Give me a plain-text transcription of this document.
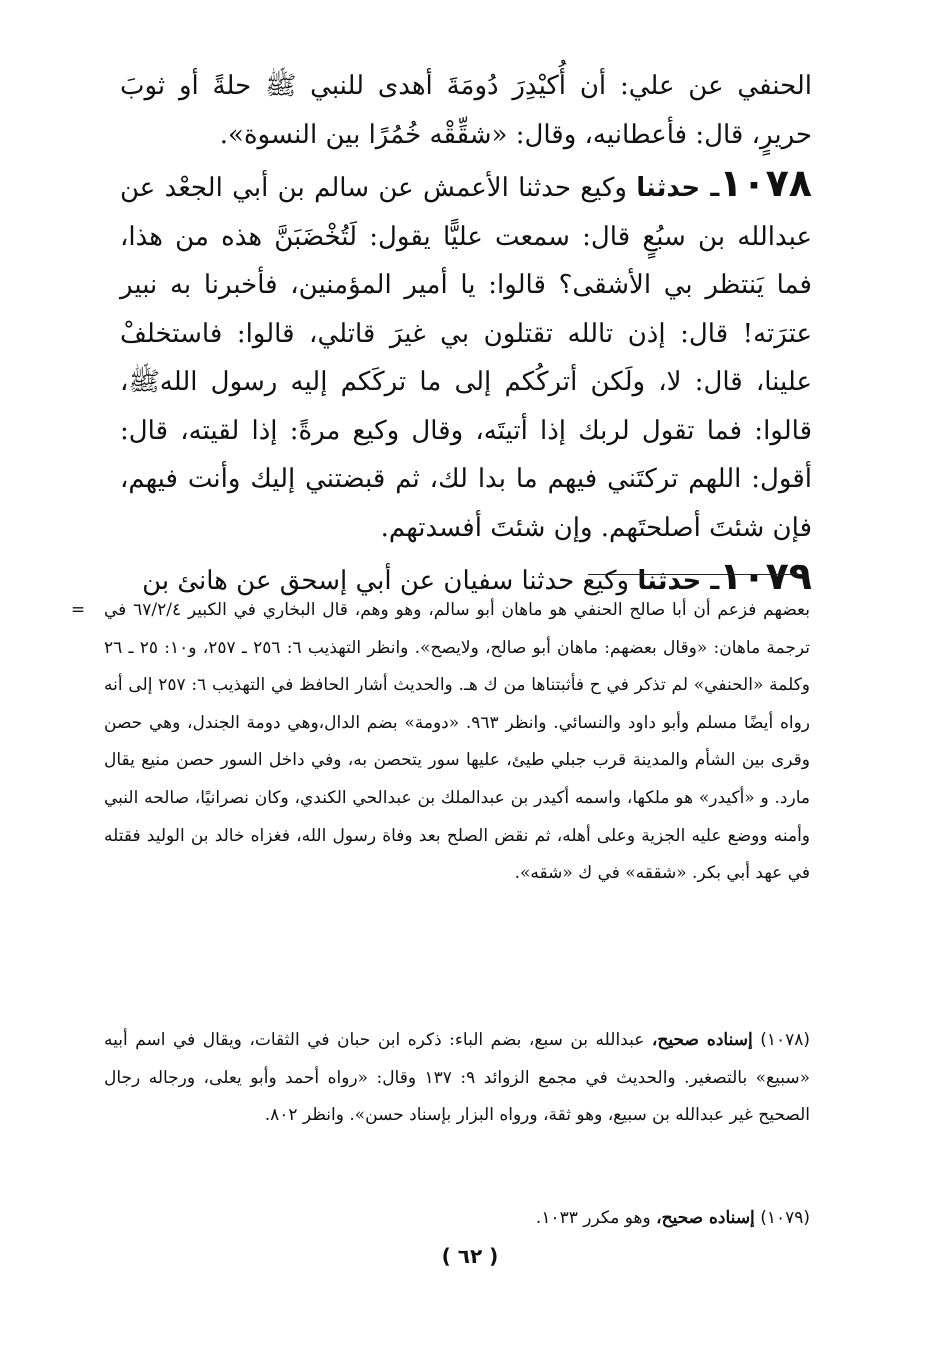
الحنفي عن علي: أن أُكيْدِرَ دُومَةَ أهدى للنبي ﷺ حلةً أو ثوبَ حريرٍ، قال: فأعطانيه، وقال: «شقِّقْه خُمُرًا بين النسوة».

١٠٧٨ـ حدثنا وكيع حدثنا الأعمش عن سالم بن أبي الجعْد عن عبدالله بن سبُعٍ قال: سمعت عليًّا يقول: لَتُخْضَبَنَّ هذه من هذا، فما يَنتظر بي الأشقى؟ قالوا: يا أمير المؤمنين، فأخبرنا به نبير عترَته! قال: إذن تالله تقتلون بي غيرَ قاتلي، قالوا: فاستخلفْ علينا، قال: لا، ولَكن أتركُكم إلى ما تركَكم إليه رسول اللهﷺ، قالوا: فما تقول لربك إذا أتيتَه، وقال وكيع مرةً: إذا لقيته، قال: أقول: اللهم تركتَني فيهم ما بدا لك، ثم قبضتني إليك وأنت فيهم، فإن شئتَ أصلحتَهم. وإن شئتَ أفسدتهم.

١٠٧٩ـ حدثنا وكيع حدثنا سفيان عن أبي إسحق عن هانئ بن

= بعضهم فزعم أن أبا صالح الحنفي هو ماهان أبو سالم، وهو وهم، قال البخاري في الكبير ٦٧/٢/٤ في ترجمة ماهان: «وقال بعضهم: ماهان أبو صالح، ولايصح». وانظر التهذيب ٦: ٢٥٦ ـ ٢٥٧، و١٠: ٢٥ ـ ٢٦ وكلمة «الحنفي» لم تذكر في ح فأثبتناها من ك هـ. والحديث أشار الحافظ في التهذيب ٦: ٢٥٧ إلى أنه رواه أيضًا مسلم وأبو داود والنسائي. وانظر ٩٦٣. «دومة» بضم الدال،وهي دومة الجندل، وهي حصن وقرى بين الشأم والمدينة قرب جبلي طيئ، عليها سور يتحصن به، وفي داخل السور حصن منيع يقال مارد. و «أكيدر» هو ملكها، واسمه أكيدر بن عبدالملك بن عبدالحي الكندي، وكان نصرانيًا، صالحه النبي وأمنه ووضع عليه الجزية وعلى أهله، ثم نقض الصلح بعد وفاة رسول الله، فغزاه خالد بن الوليد فقتله في عهد أبي بكر. «شققه» في ك «شقه».
(١٠٧٨) إسناده صحيح، عبدالله بن سبع، بضم الباء: ذكره ابن حبان في الثقات، ويقال في اسم أبيه «سبيع» بالتصغير. والحديث في مجمع الزوائد ٩: ١٣٧ وقال: «رواه أحمد وأبو يعلى، ورجاله رجال الصحيح غير عبدالله بن سبيع، وهو ثقة، ورواه البزار بإسناد حسن». وانظر ٨٠٢.
(١٠٧٩) إسناده صحيح، وهو مكرر ١٠٣٣.
( ٦٢ )
